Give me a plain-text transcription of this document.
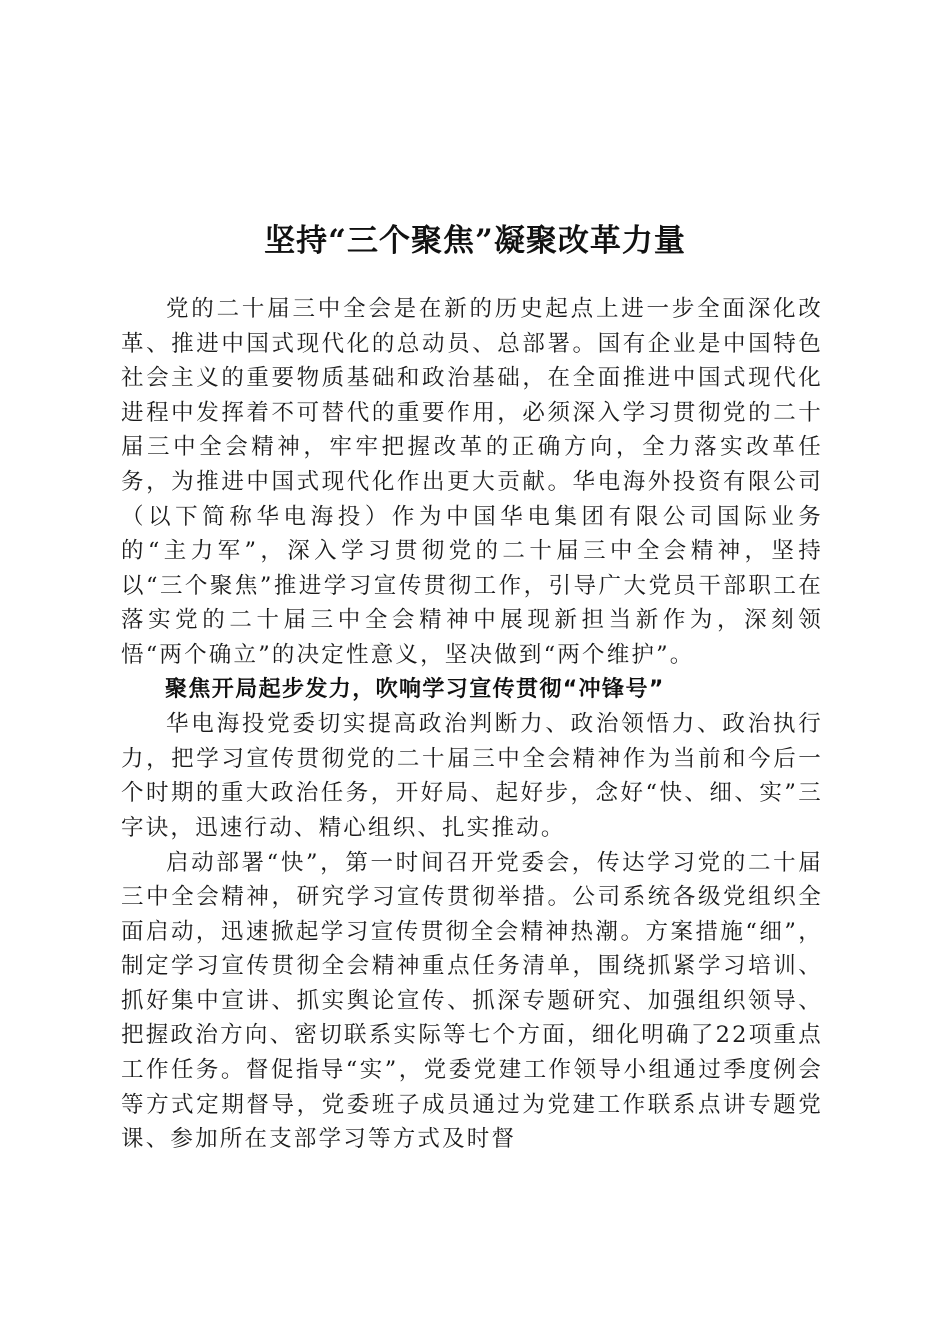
坚持“三个聚焦”凝聚改革力量

党的二十届三中全会是在新的历史起点上进一步全面深化改革、推进中国式现代化的总动员、总部署。国有企业是中国特色社会主义的重要物质基础和政治基础，在全面推进中国式现代化进程中发挥着不可替代的重要作用，必须深入学习贯彻党的二十届三中全会精神，牢牢把握改革的正确方向，全力落实改革任务，为推进中国式现代化作出更大贡献。华电海外投资有限公司（以下简称华电海投）作为中国华电集团有限公司国际业务的“主力军”，深入学习贯彻党的二十届三中全会精神，坚持以“三个聚焦”推进学习宣传贯彻工作，引导广大党员干部职工在落实党的二十届三中全会精神中展现新担当新作为，深刻领悟“两个确立”的决定性意义，坚决做到“两个维护”。

聚焦开局起步发力，吹响学习宣传贯彻“冲锋号”

华电海投党委切实提高政治判断力、政治领悟力、政治执行力，把学习宣传贯彻党的二十届三中全会精神作为当前和今后一个时期的重大政治任务，开好局、起好步，念好“快、细、实”三字诀，迅速行动、精心组织、扎实推动。

启动部署“快”，第一时间召开党委会，传达学习党的二十届三中全会精神，研究学习宣传贯彻举措。公司系统各级党组织全面启动，迅速掀起学习宣传贯彻全会精神热潮。方案措施“细”，制定学习宣传贯彻全会精神重点任务清单，围绕抓紧学习培训、抓好集中宣讲、抓实舆论宣传、抓深专题研究、加强组织领导、把握政治方向、密切联系实际等七个方面，细化明确了22项重点工作任务。督促指导“实”，党委党建工作领导小组通过季度例会等方式定期督导，党委班子成员通过为党建工作联系点讲专题党课、参加所在支部学习等方式及时督
